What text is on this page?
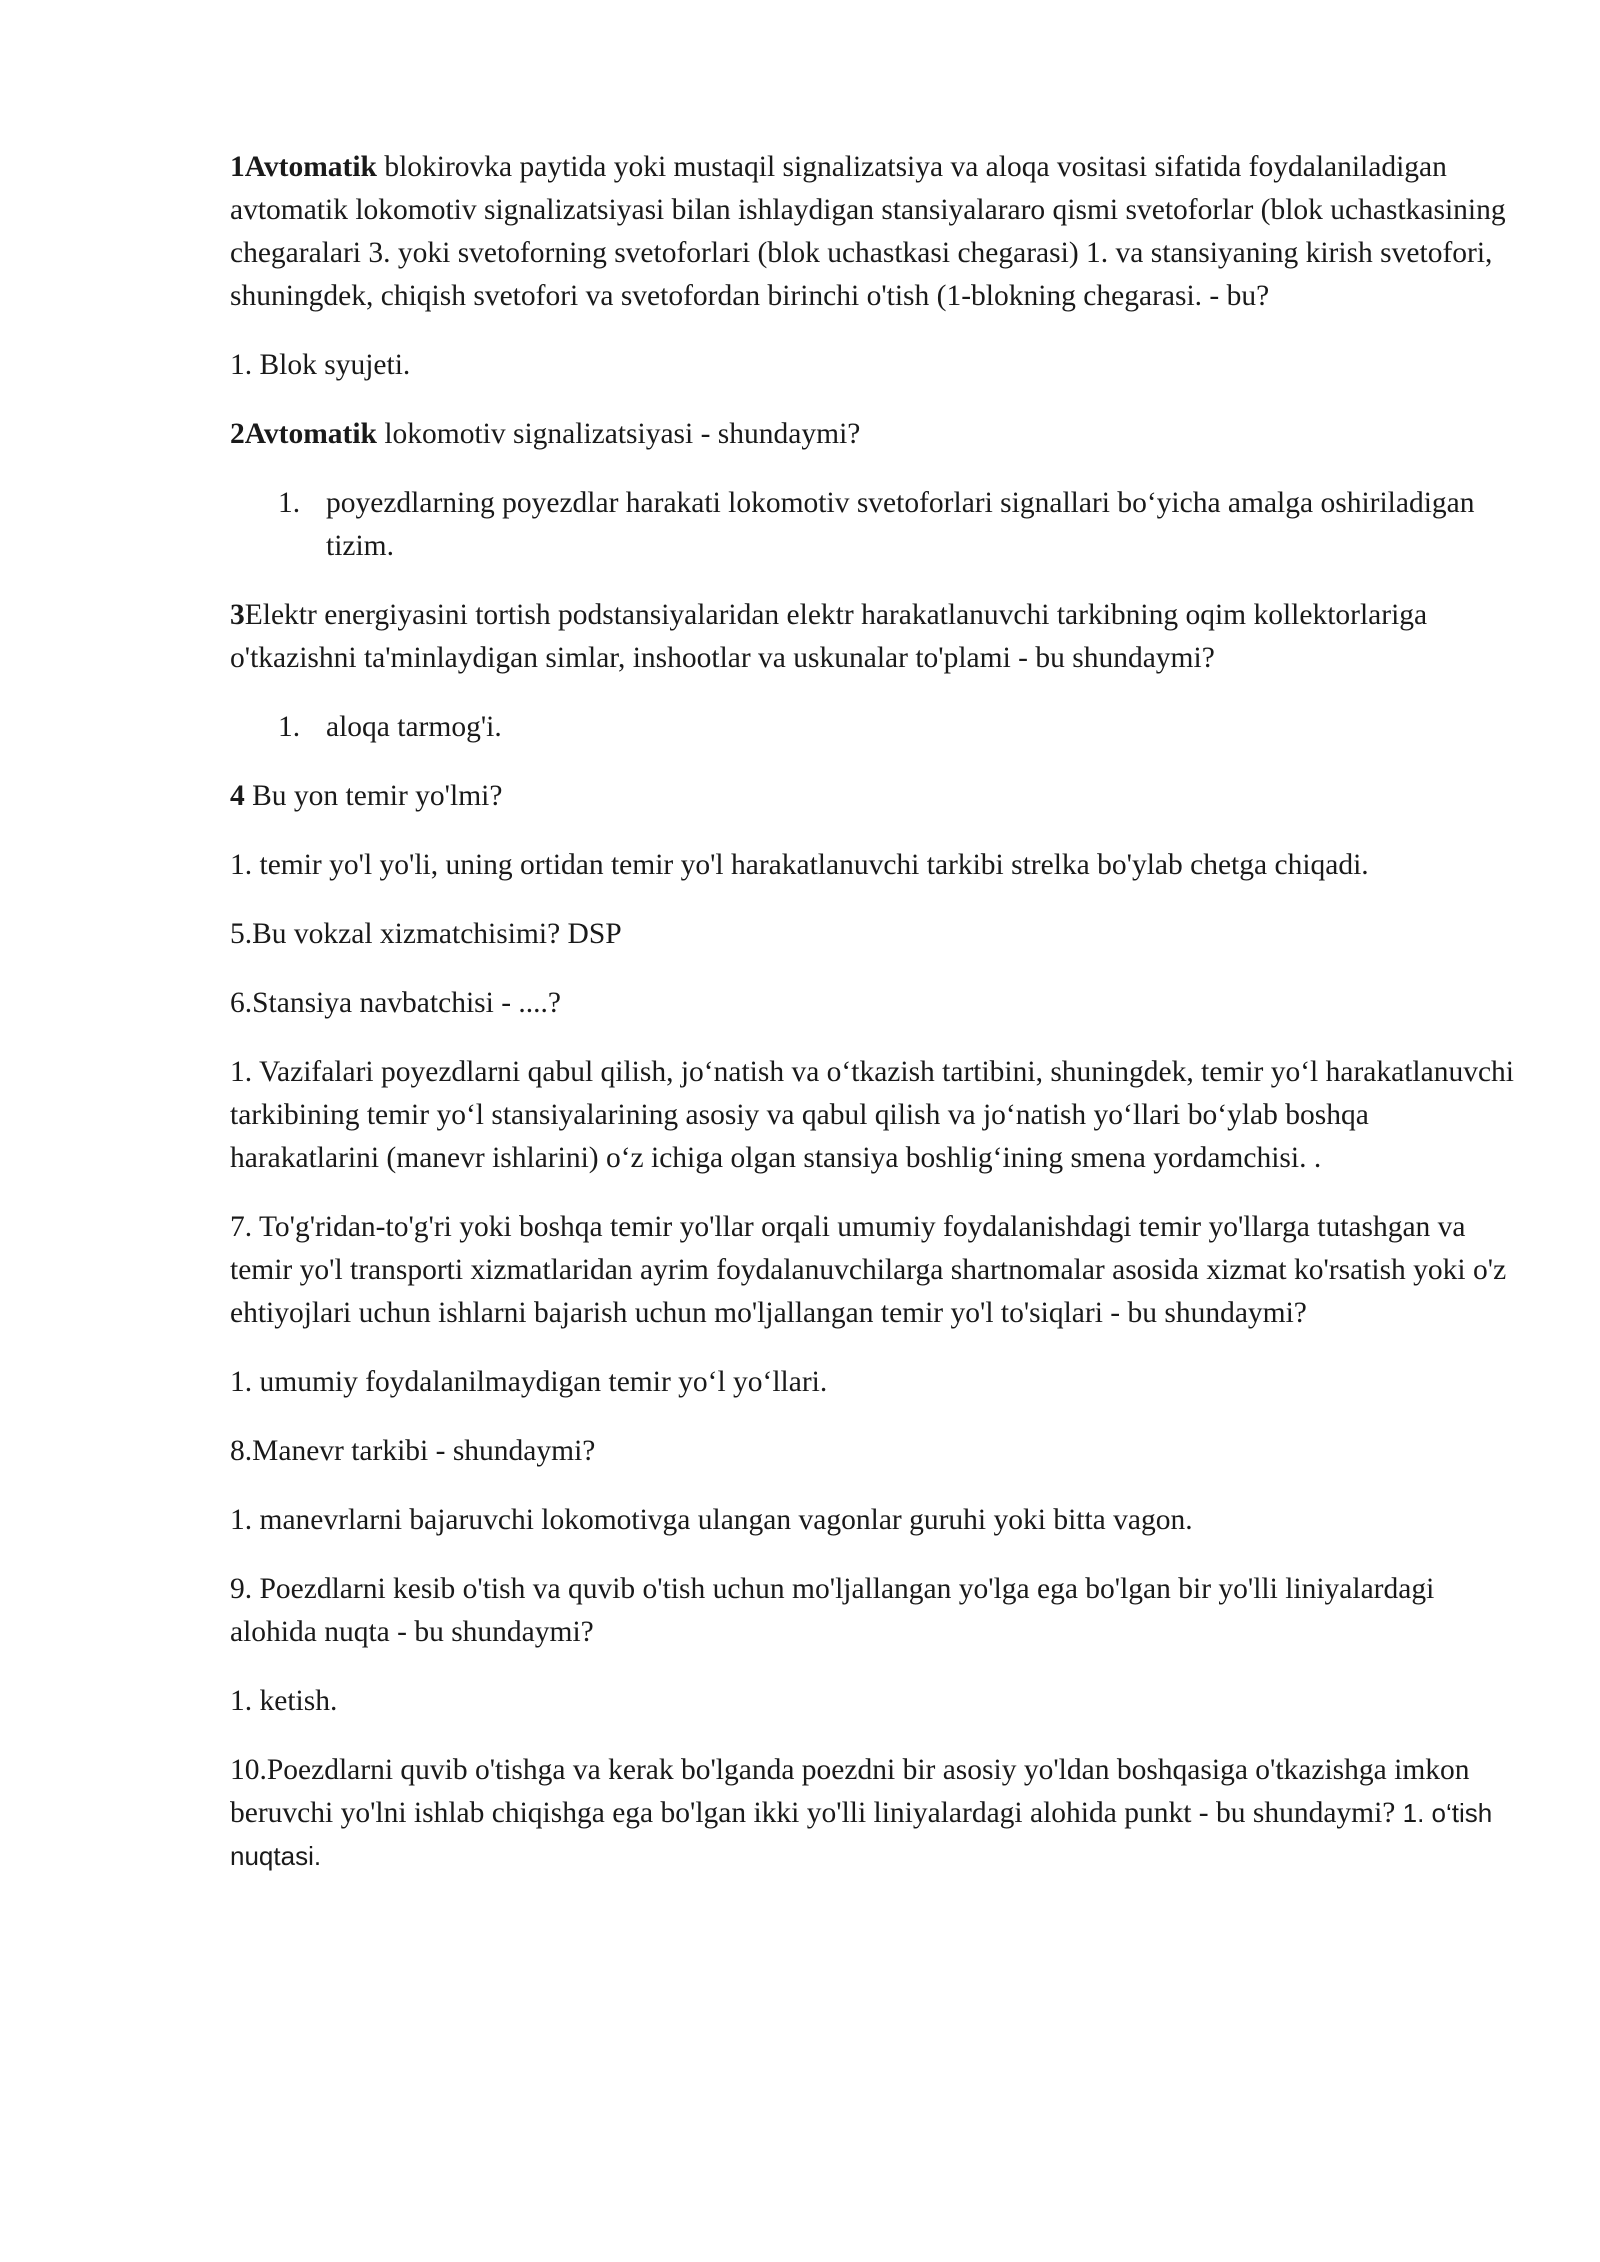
1Avtomatik blokirovka paytida yoki mustaqil signalizatsiya va aloqa vositasi sifatida foydalaniladigan avtomatik lokomotiv signalizatsiyasi bilan ishlaydigan stansiyalararo qismi svetoforlar (blok uchastkasining chegaralari 3. yoki svetoforning svetoforlari (blok uchastkasi chegarasi) 1. va stansiyaning kirish svetofori, shuningdek, chiqish svetofori va svetofordan birinchi o'tish (1-blokning chegarasi. - bu?

1. Blok syujeti.

2Avtomatik lokomotiv signalizatsiyasi - shundaymi?

1. poyezdlarning poyezdlar harakati lokomotiv svetoforlari signallari bo‘yicha amalga oshiriladigan tizim.

3Elektr energiyasini tortish podstansiyalaridan elektr harakatlanuvchi tarkibning oqim kollektorlariga o'tkazishni ta'minlaydigan simlar, inshootlar va uskunalar to'plami - bu shundaymi?

1. aloqa tarmog'i.

4 Bu yon temir yo'lmi?

1. temir yo'l yo'li, uning ortidan temir yo'l harakatlanuvchi tarkibi strelka bo'ylab chetga chiqadi.

5.Bu vokzal xizmatchisimi? DSP

6.Stansiya navbatchisi - ....?

1. Vazifalari poyezdlarni qabul qilish, jo‘natish va o‘tkazish tartibini, shuningdek, temir yo‘l harakatlanuvchi tarkibining temir yo‘l stansiyalarining asosiy va qabul qilish va jo‘natish yo‘llari bo‘ylab boshqa harakatlarini (manevr ishlarini) o‘z ichiga olgan stansiya boshlig‘ining smena yordamchisi. .

7. To'g'ridan-to'g'ri yoki boshqa temir yo'llar orqali umumiy foydalanishdagi temir yo'llarga tutashgan va temir yo'l transporti xizmatlaridan ayrim foydalanuvchilarga shartnomalar asosida xizmat ko'rsatish yoki o'z ehtiyojlari uchun ishlarni bajarish uchun mo'ljallangan temir yo'l to'siqlari - bu shundaymi?

1. umumiy foydalanilmaydigan temir yo‘l yo‘llari.

8.Manevr tarkibi - shundaymi?

1. manevrlarni bajaruvchi lokomotivga ulangan vagonlar guruhi yoki bitta vagon.

9. Poezdlarni kesib o'tish va quvib o'tish uchun mo'ljallangan yo'lga ega bo'lgan bir yo'lli liniyalardagi alohida nuqta - bu shundaymi?

1. ketish.

10.Poezdlarni quvib o'tishga va kerak bo'lganda poezdni bir asosiy yo'ldan boshqasiga o'tkazishga imkon beruvchi yo'lni ishlab chiqishga ega bo'lgan ikki yo'lli liniyalardagi alohida punkt - bu shundaymi? 1. o‘tish nuqtasi.
